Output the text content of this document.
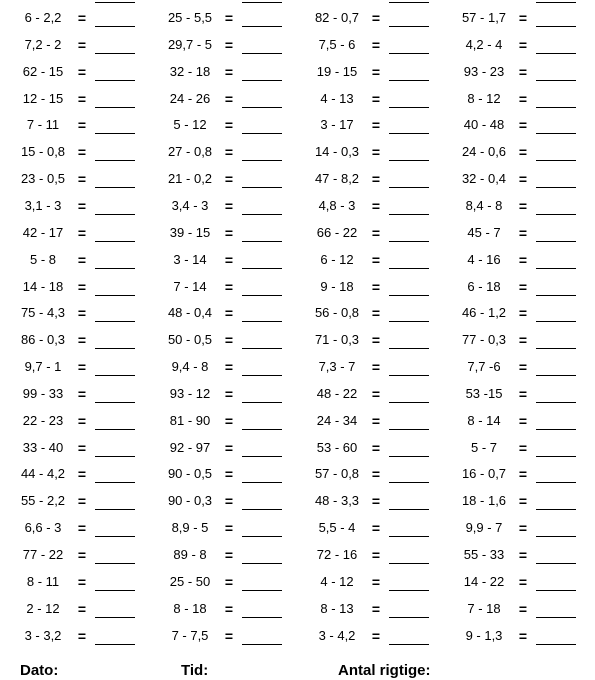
6 - 2,2	=	25 - 5,5 =	82 - 0,7 =	57 - 1,7 =
7,2 - 2	=	29,7 - 5 =	7,5 - 6	=	4,2 - 4	=
62 - 15	=	32 - 18	=	19 - 15	=	93 - 23	=
12 - 15	=	24 - 26	=	4 - 13	=	8 - 12	=
7 - 11	=	5 - 12	=	3 - 17	=	40 - 48	=
15 - 0,8 =	27 - 0,8 =	14 - 0,3 =	24 - 0,6 =
23 - 0,5 =	21 - 0,2 =	47 - 8,2 =	32 - 0,4 =
3,1 - 3	=	3,4 - 3	=	4,8 - 3	=	8,4 - 8	=
42 - 17	=	39 - 15	=	66 - 22	=	45 - 7	=
5 - 8	=	3 - 14	=	6 - 12	=	4 - 16	=
14 - 18	=	7 - 14	=	9 - 18	=	6 - 18	=
75 - 4,3 =	48 - 0,4 =	56 - 0,8 =	46 - 1,2 =
86 - 0,3 =	50 - 0,5 =	71 - 0,3 =	77 - 0,3 =
9,7 - 1	=	9,4 - 8	=	7,3 - 7	=	7,7 -6	=
99 - 33	=	93 - 12	=	48 - 22	=	53 -15	=
22 - 23	=	81 - 90	=	24 - 34	=	8 - 14	=
33 - 40	=	92 - 97	=	53 - 60	=	5 - 7	=
44 - 4,2 =	90 - 0,5 =	57 - 0,8 =	16 - 0,7 =
55 - 2,2 =	90 - 0,3 =	48 - 3,3 =	18 - 1,6 =
6,6 - 3	=	8,9 - 5	=	5,5 - 4	=	9,9 - 7	=
77 - 22	=	89 - 8	=	72 - 16	=	55 - 33	=
8 - 11	=	25 - 50	=	4 - 12	=	14 - 22	=
2 - 12	=	8 - 18	=	8 - 13	=	7 - 18	=
3 - 3,2	=	7 - 7,5	=	3 - 4,2	=	9 - 1,3	=
Dato:	Tid:	Antal rigtige:
